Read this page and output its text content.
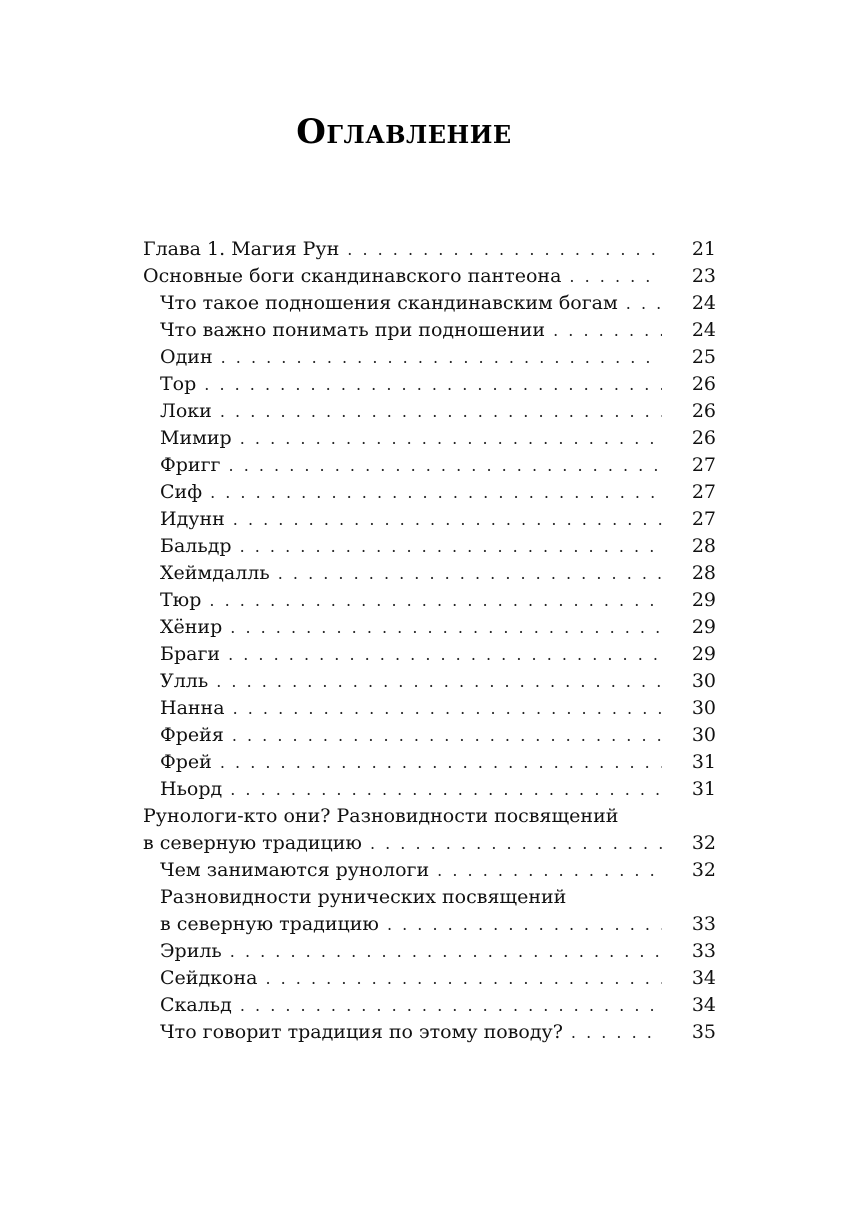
Оглавление
Глава 1. Магия Рун . . .	21
Основные боги скандинавского пантеона . . .	23
Что такое подношения скандинавским богам . . .	24
Что важно понимать при подношении . . .	24
Один . . .	25
Тор . . .	26
Локи . . .	26
Мимир . . .	26
Фригг . . .	27
Сиф . . .	27
Идунн . . .	27
Бальдр . . .	28
Хеймдалль . . .	28
Тюр . . .	29
Хёнир . . .	29
Браги . . .	29
Улль . . .	30
Нанна . . .	30
Фрейя . . .	30
Фрей . . .	31
Ньорд . . .	31
Рунологи-кто они? Разновидности посвящений
в северную традицию . . .	32
Чем занимаются рунологи . . .	32
Разновидности рунических посвящений
в северную традицию . . .	33
Эриль . . .	33
Сейдкона . . .	34
Скальд . . .	34
Что говорит традиция по этому поводу? . . .	35
